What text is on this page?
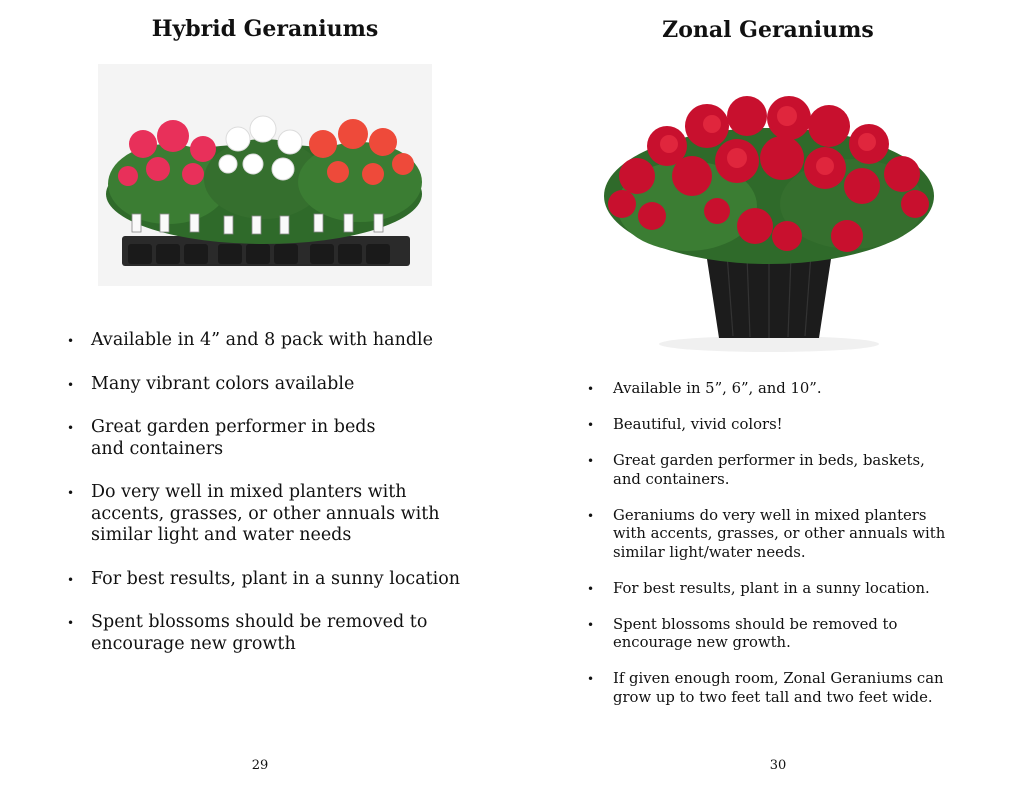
Hybrid Geraniums
• Available in 4” and 8 pack with handle
• Many vibrant colors available
• Great garden performer in beds
and containers
• Do very well in mixed planters with
accents, grasses, or other annuals with
similar light and water needs
• For best results, plant in a sunny location
• Spent blossoms should be removed to
encourage new growth
29
Zonal Geraniums
• Available in 5”, 6”, and 10”.
• Beautiful, vivid colors!
• Great garden performer in beds, baskets,
and containers.
• Geraniums do very well in mixed planters
with accents, grasses, or other annuals with
similar light/water needs.
• For best results, plant in a sunny location.
• Spent blossoms should be removed to
encourage new growth.
• If given enough room, Zonal Geraniums can
grow up to two feet tall and two feet wide.
30
